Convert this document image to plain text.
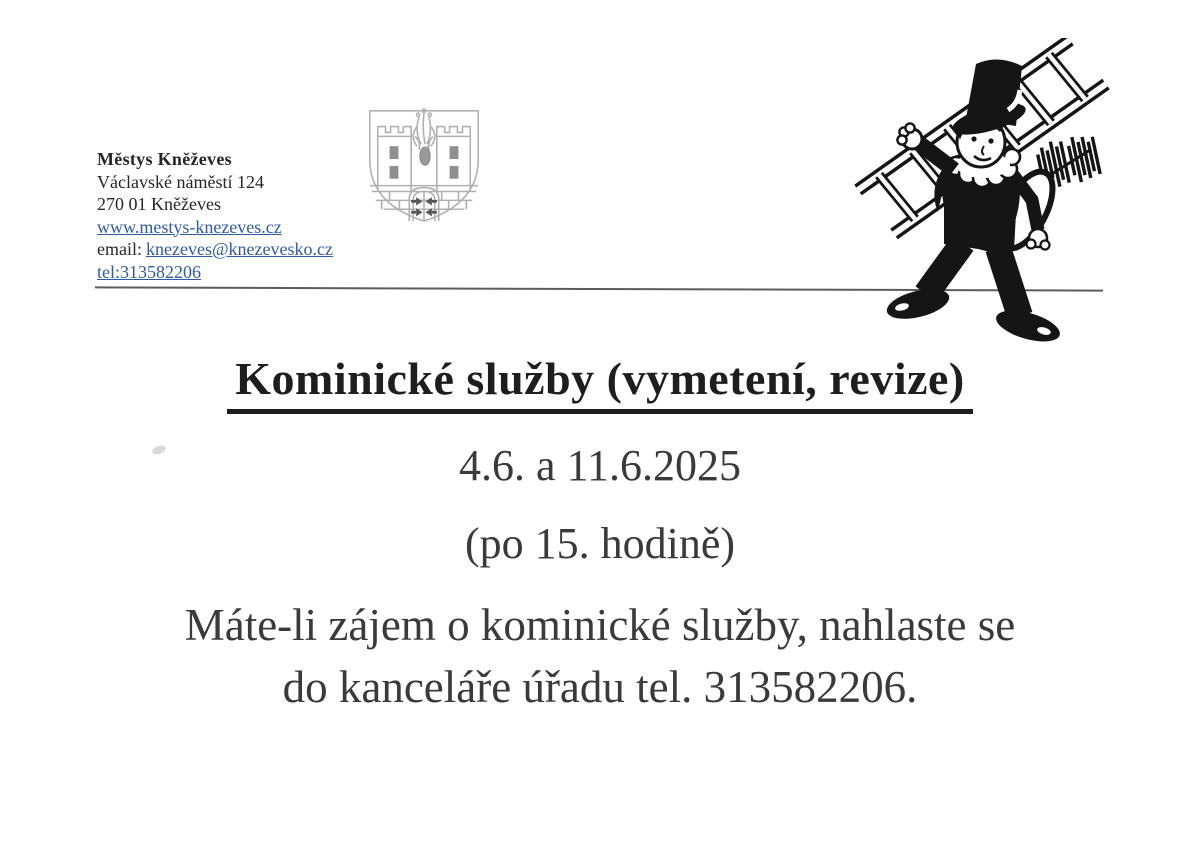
Městys Kněževes
Václavské náměstí 124
270 01 Kněževes
www.mestys-knezeves.cz
email: knezeves@knezevesko.cz
tel:313582206
Kominické služby (vymetení, revize)
4.6. a 11.6.2025
(po 15. hodině)
Máte-li zájem o kominické služby, nahlaste se
do kanceláře úřadu tel. 313582206.
